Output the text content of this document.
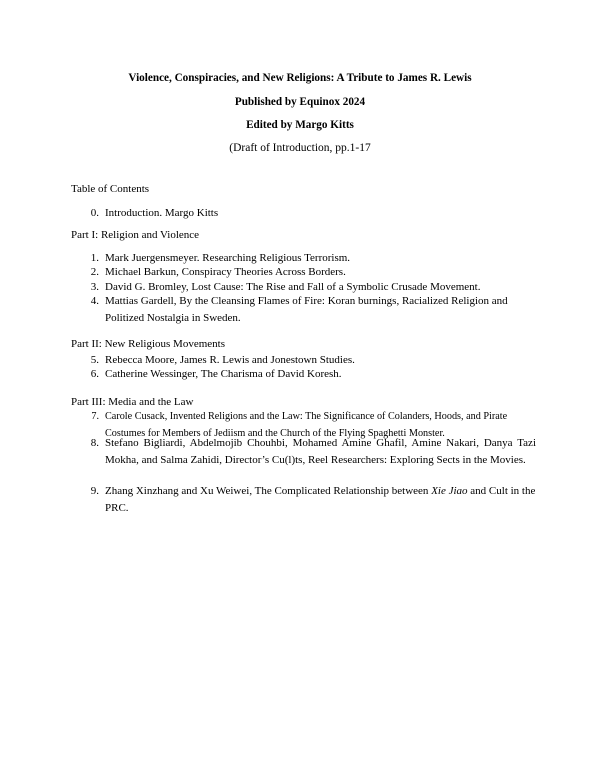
Violence, Conspiracies, and New Religions: A Tribute to James R. Lewis
Published by Equinox 2024
Edited by Margo Kitts
(Draft of Introduction, pp.1-17
Table of Contents
0. Introduction. Margo Kitts
Part I: Religion and Violence
1. Mark Juergensmeyer. Researching Religious Terrorism.
2. Michael Barkun, Conspiracy Theories Across Borders.
3. David G. Bromley, Lost Cause: The Rise and Fall of a Symbolic Crusade Movement.
4. Mattias Gardell, By the Cleansing Flames of Fire: Koran burnings, Racialized Religion and Politized Nostalgia in Sweden.
Part II: New Religious Movements
5. Rebecca Moore, James R. Lewis and Jonestown Studies.
6. Catherine Wessinger, The Charisma of David Koresh.
Part III: Media and the Law
7. Carole Cusack, Invented Religions and the Law: The Significance of Colanders, Hoods, and Pirate Costumes for Members of Jediism and the Church of the Flying Spaghetti Monster.
8. Stefano Bigliardi, Abdelmojib Chouhbi, Mohamed Amine Ghafil, Amine Nakari, Danya Tazi Mokha, and Salma Zahidi, Director’s Cu(l)ts, Reel Researchers: Exploring Sects in the Movies.
9. Zhang Xinzhang and Xu Weiwei, The Complicated Relationship between Xie Jiao and Cult in the PRC.
